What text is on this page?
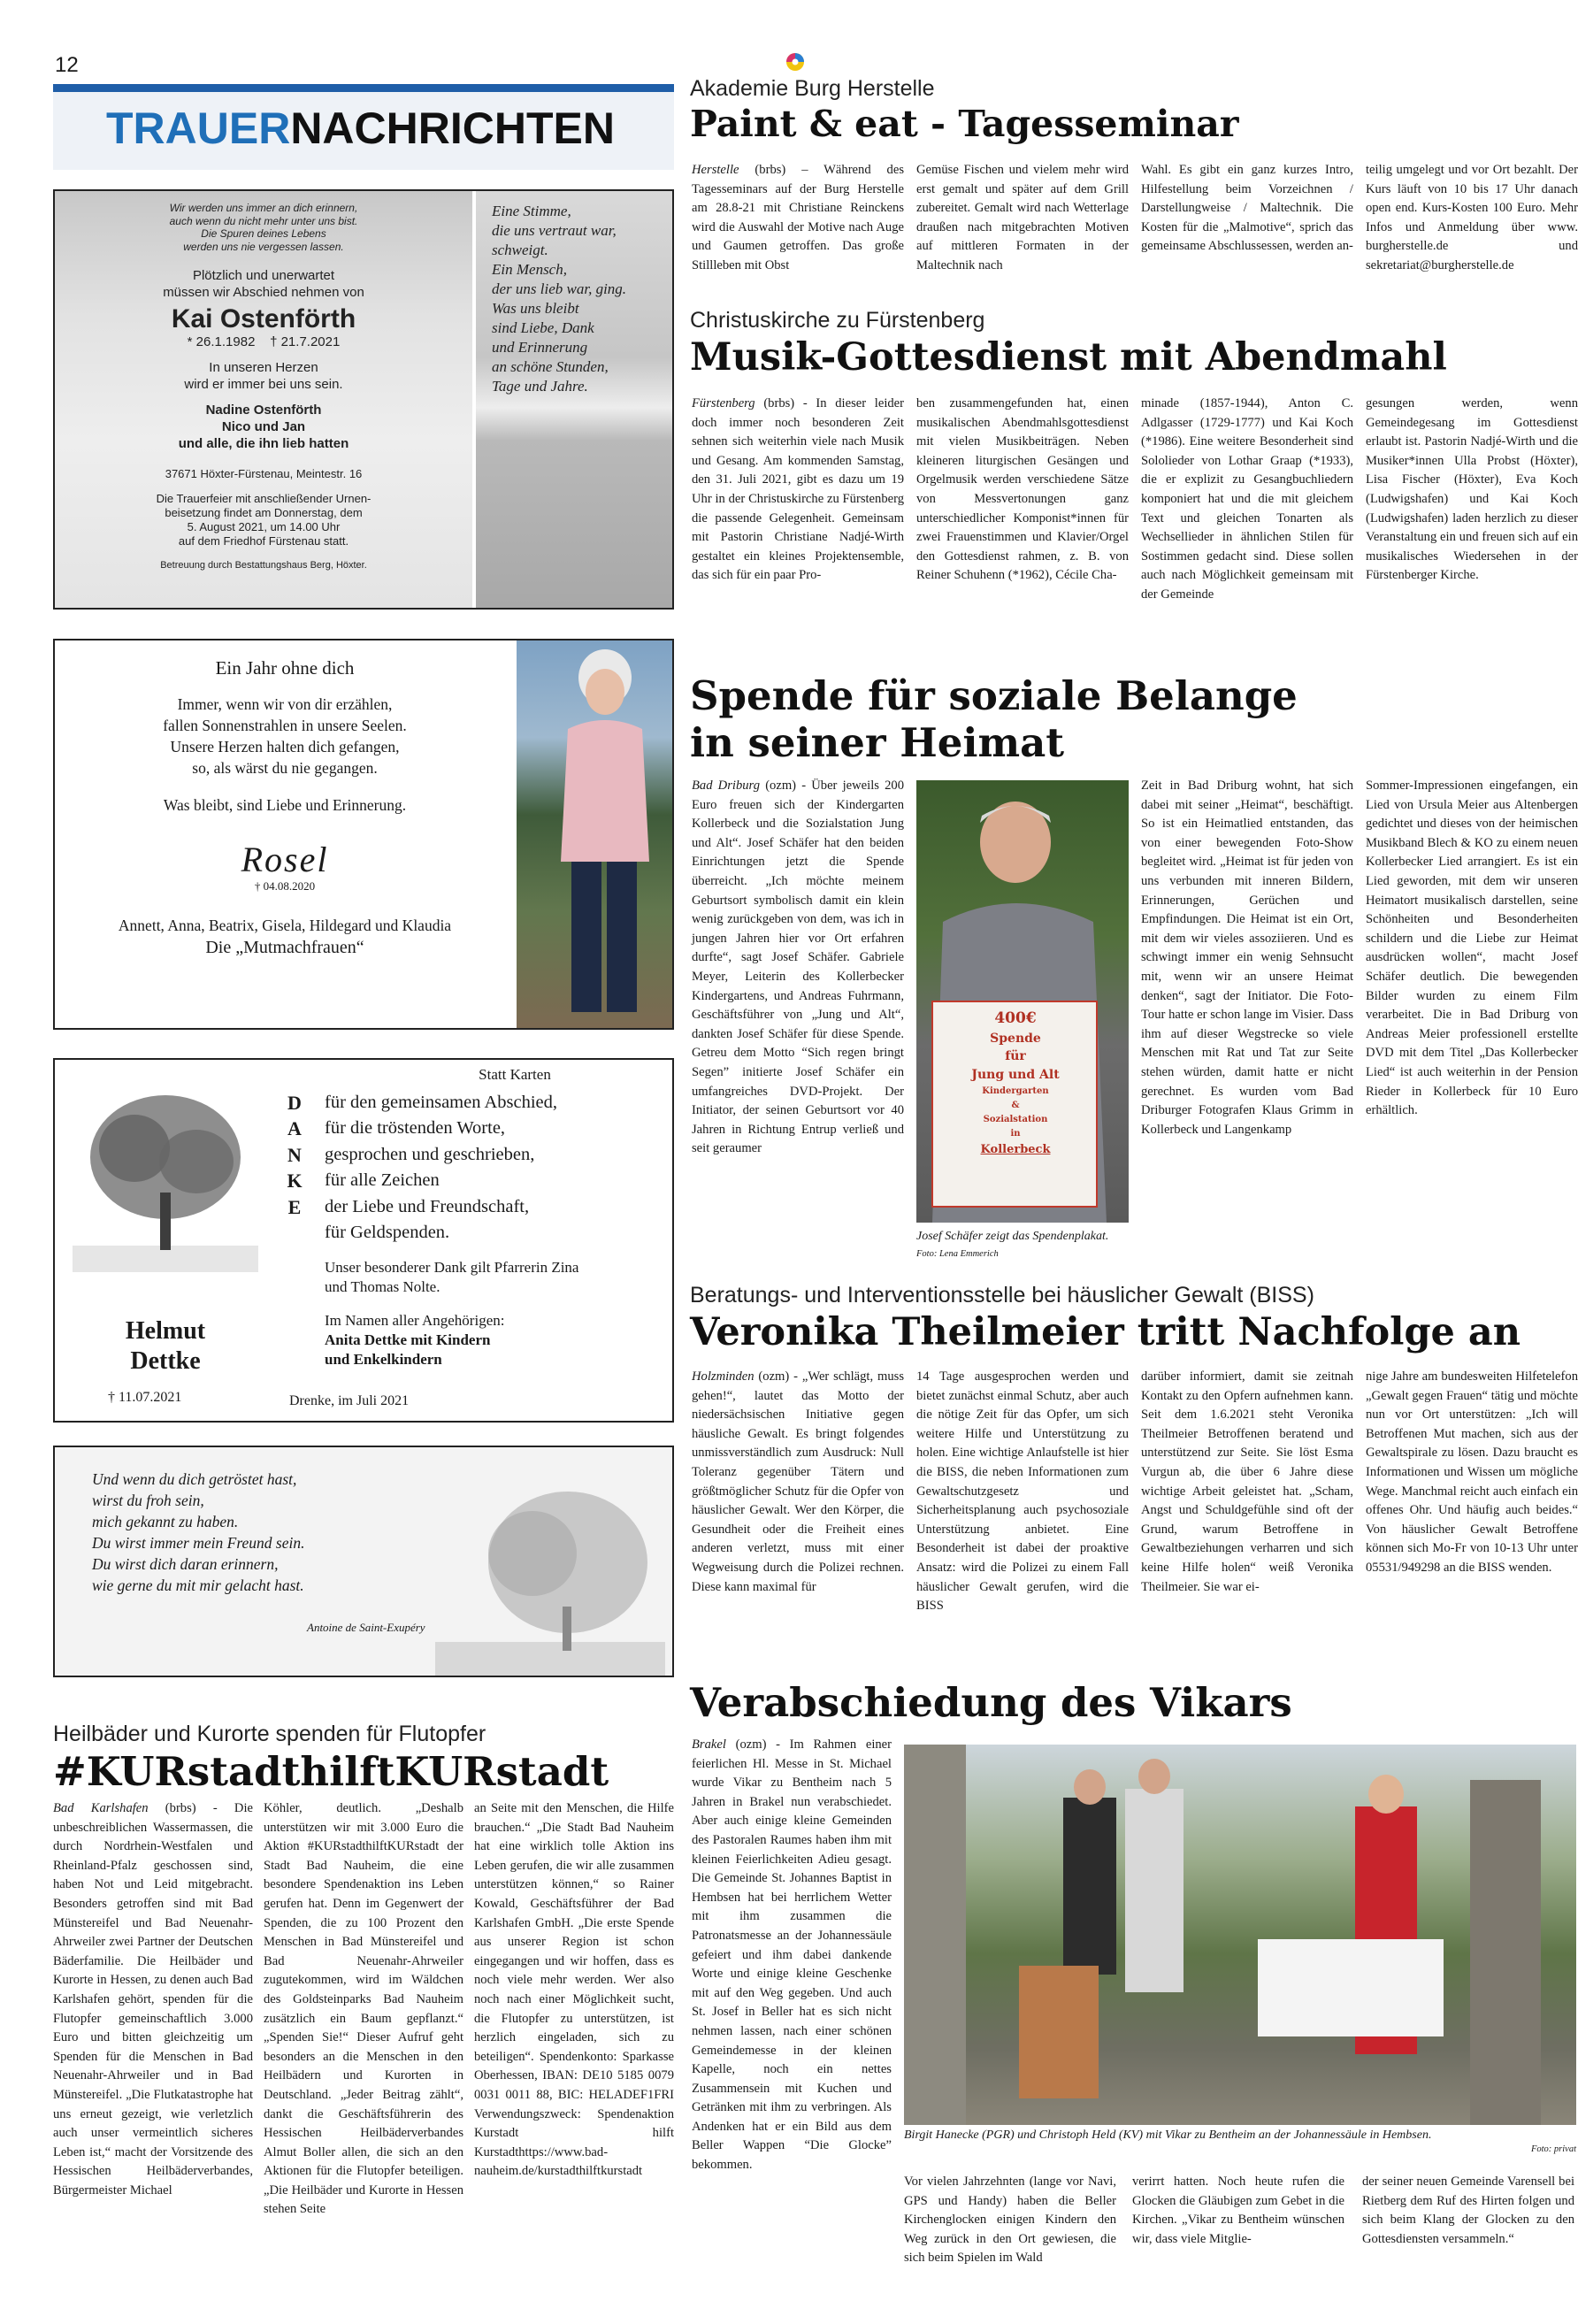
12
TRAUERNACHRICHTEN
Wir werden uns immer an dich erinnern,
auch wenn du nicht mehr unter uns bist.
Die Spuren deines Lebens
werden uns nie vergessen lassen.
Plötzlich und unerwartet
müssen wir Abschied nehmen von
Kai Ostenförth
* 26.1.1982    † 21.7.2021
In unseren Herzen
wird er immer bei uns sein.
Nadine Ostenförth
Nico und Jan
und alle, die ihn lieb hatten
37671 Höxter-Fürstenau, Meintestr. 16
Die Trauerfeier mit anschließender Urnen-
beisetzung findet am Donnerstag, dem
5. August 2021, um 14.00 Uhr
auf dem Friedhof Fürstenau statt.
Betreuung durch Bestattungshaus Berg, Höxter.
Eine Stimme,
die uns vertraut war,
schweigt.
Ein Mensch,
der uns lieb war, ging.
Was uns bleibt
sind Liebe, Dank
und Erinnerung
an schöne Stunden,
Tage und Jahre.
Ein Jahr ohne dich
Immer, wenn wir von dir erzählen,
fallen Sonnenstrahlen in unsere Seelen.
Unsere Herzen halten dich gefangen,
so, als wärst du nie gegangen.
Was bleibt, sind Liebe und Erinnerung.
Rosel
† 04.08.2020
Annett, Anna, Beatrix, Gisela, Hildegard und Klaudia
Die „Mutmachfrauen“
Statt Karten
D
A
N
K
E
für den gemeinsamen Abschied,
für die tröstenden Worte,
gesprochen und geschrieben,
für alle Zeichen
der Liebe und Freundschaft,
für Geldspenden.
Unser besonderer Dank gilt Pfarrerin Zina
und Thomas Nolte.
Im Namen aller Angehörigen:
Anita Dettke mit Kindern
und Enkelkindern
Drenke, im Juli 2021
Helmut
Dettke
† 11.07.2021
Und wenn du dich getröstet hast,
wirst du froh sein,
mich gekannt zu haben.
Du wirst immer mein Freund sein.
Du wirst dich daran erinnern,
wie gerne du mit mir gelacht hast.
Antoine de Saint-Exupéry
Akademie Burg Herstelle
Paint & eat - Tagesseminar

Herstelle (brbs) – Während des Tagesseminars auf der Burg Herstelle am 28.8-21 mit Christiane Reinckens wird die Auswahl der Motive nach Auge und Gaumen getroffen. Das große Stillleben mit Obst

Gemüse Fischen und vielem mehr wird erst gemalt und später auf dem Grill zubereitet. Gemalt wird nach Wetterlage draußen nach mitgebrachten Motiven auf mittleren Formaten in der Maltechnik nach

Wahl. Es gibt ein ganz kurzes Intro, Hilfestellung beim Vorzeichnen / Darstellungweise / Maltechnik. Die Kosten für die „Malmotive“, sprich das gemeinsame Abschlussessen, werden an-

teilig umgelegt und vor Ort bezahlt. Der Kurs läuft von 10 bis 17 Uhr danach open end. Kurs-Kosten 100 Euro. Mehr Infos und Anmeldung über www. burgherstelle.de und sekretariat@burgherstelle.de

Christuskirche zu Fürstenberg
Musik-Gottesdienst mit Abendmahl

Fürstenberg (brbs) - In dieser leider doch immer noch besonderen Zeit sehnen sich weiterhin viele nach Musik und Gesang. Am kommenden Samstag, den 31. Juli 2021, gibt es dazu um 19 Uhr in der Christuskirche zu Fürstenberg die passende Gelegenheit. Gemeinsam mit Pastorin Christiane Nadjé-Wirth gestaltet ein kleines Projektensemble, das sich für ein paar Pro-

ben zusammengefunden hat, einen musikalischen Abendmahlsgottesdienst mit vielen Musikbeiträgen. Neben kleineren liturgischen Gesängen und Orgelmusik werden verschiedene Sätze von Messvertonungen ganz unterschiedlicher Komponist*innen für zwei Frauenstimmen und Klavier/Orgel den Gottesdienst rahmen, z. B. von Reiner Schuhenn (*1962), Cécile Cha-

minade (1857-1944), Anton C. Adlgasser (1729-1777) und Kai Koch (*1986). Eine weitere Besonderheit sind Sololieder von Lothar Graap (*1933), die er explizit zu Gesangbuchliedern komponiert hat und die mit gleichem Text und gleichen Tonarten als Wechsellieder in ähnlichen Stilen für Sostimmen gedacht sind. Diese sollen auch nach Möglichkeit gemeinsam mit der Gemeinde

gesungen werden, wenn Gemeindegesang im Gottesdienst erlaubt ist. Pastorin Nadjé-Wirth und die Musiker*innen Ulla Probst (Höxter), Lisa Fischer (Höxter), Eva Koch (Ludwigshafen) und Kai Koch (Ludwigshafen) laden herzlich zu dieser Veranstaltung ein und freuen sich auf ein musikalisches Wiedersehen in der Fürstenberger Kirche.

Spende für soziale Belange
in seiner Heimat

Bad Driburg (ozm) - Über jeweils 200 Euro freuen sich der Kindergarten Kollerbeck und die Sozialstation Jung und Alt“. Josef Schäfer hat den beiden Einrichtungen jetzt die Spende überreicht. „Ich möchte meinem Geburtsort symbolisch damit ein klein wenig zurückgeben von dem, was ich in jungen Jahren hier vor Ort erfahren durfte“, sagt Josef Schäfer. Gabriele Meyer, Leiterin des Kollerbecker Kindergartens, und Andreas Fuhrmann, Geschäftsführer von „Jung und Alt“, dankten Josef Schäfer für diese Spende. Getreu dem Motto “Sich regen bringt Segen” initierte Josef Schäfer ein umfangreiches DVD-Projekt. Der Initiator, der seinen Geburtsort vor 40 Jahren in Richtung Entrup verließ und seit geraumer

400€
Spende
für
Jung und Alt
Kindergarten
&
Sozialstation
in
Kollerbeck
Josef Schäfer zeigt das Spendenplakat. Foto: Lena Emmerich

Zeit in Bad Driburg wohnt, hat sich dabei mit seiner „Heimat“, beschäftigt. So ist ein Heimatlied entstanden, das von einer bewegenden Foto-Show begleitet wird. „Heimat ist für jeden von uns verbunden mit inneren Bildern, Erinnerungen, Gerüchen und Empfindungen. Die Heimat ist ein Ort, mit dem wir vieles assoziieren. Und es schwingt immer ein wenig Sehnsucht mit, wenn wir an unsere Heimat denken“, sagt der Initiator. Die Foto-Tour hatte er schon lange im Visier. Dass ihm auf dieser Wegstrecke so viele Menschen mit Rat und Tat zur Seite stehen würden, damit hatte er nicht gerechnet. Es wurden vom Bad Driburger Fotografen Klaus Grimm in Kollerbeck und Langenkamp

Sommer-Impressionen eingefangen, ein Lied von Ursula Meier aus Altenbergen gedichtet und dieses von der heimischen Musikband Blech & KO zu einem neuen Kollerbecker Lied arrangiert. Es ist ein Lied geworden, mit dem wir unseren Heimatort musikalisch darstellen, seine Schönheiten und Besonderheiten schildern und die Liebe zur Heimat ausdrücken wollen“, macht Josef Schäfer deutlich. Die bewegenden Bilder wurden zu einem Film verarbeitet. Die in Bad Driburg von Andreas Meier professionell erstellte DVD mit dem Titel „Das Kollerbecker Lied“ ist auch weiterhin in der Pension Rieder in Kollerbeck für 10 Euro erhältlich.

Beratungs- und Interventionsstelle bei häuslicher Gewalt (BISS)
Veronika Theilmeier tritt Nachfolge an

Holzminden (ozm) - „Wer schlägt, muss gehen!“, lautet das Motto der niedersächsischen Initiative gegen häusliche Gewalt. Es bringt folgendes unmissverständlich zum Ausdruck: Null Toleranz gegenüber Tätern und größtmöglicher Schutz für die Opfer von häuslicher Gewalt. Wer den Körper, die Gesundheit oder die Freiheit eines anderen verletzt, muss mit einer Wegweisung durch die Polizei rechnen. Diese kann maximal für

14 Tage ausgesprochen werden und bietet zunächst einmal Schutz, aber auch die nötige Zeit für das Opfer, um sich weitere Hilfe und Unterstützung zu holen. Eine wichtige Anlaufstelle ist hier die BISS, die neben Informationen zum Gewaltschutzgesetz und Sicherheitsplanung auch psychosoziale Unterstützung anbietet. Eine Besonderheit ist dabei der proaktive Ansatz: wird die Polizei zu einem Fall häuslicher Gewalt gerufen, wird die BISS

darüber informiert, damit sie zeitnah Kontakt zu den Opfern aufnehmen kann. Seit dem 1.6.2021 steht Veronika Theilmeier Betroffenen beratend und unterstützend zur Seite. Sie löst Esma Vurgun ab, die über 6 Jahre diese wichtige Arbeit geleistet hat. „Scham, Angst und Schuldgefühle sind oft der Grund, warum Betroffene in Gewaltbeziehungen verharren und sich keine Hilfe holen“ weiß Veronika Theilmeier. Sie war ei-

nige Jahre am bundesweiten Hilfetelefon „Gewalt gegen Frauen“ tätig und möchte nun vor Ort unterstützen: „Ich will Betroffenen Mut machen, sich aus der Gewaltspirale zu lösen. Dazu braucht es Informationen und Wissen um mögliche Wege. Manchmal reicht auch einfach ein offenes Ohr. Und häufig auch beides.“ Von häuslicher Gewalt Betroffene können sich Mo-Fr von 10-13 Uhr unter 05531/949298 an die BISS wenden.

Heilbäder und Kurorte spenden für Flutopfer
#KURstadthilftKURstadt

Bad Karlshafen (brbs) - Die unbeschreiblichen Wassermassen, die durch Nordrhein-Westfalen und Rheinland-Pfalz geschossen sind, haben Not und Leid mitgebracht. Besonders getroffen sind mit Bad Münstereifel und Bad Neuenahr-Ahrweiler zwei Partner der Deutschen Bäderfamilie. Die Heilbäder und Kurorte in Hessen, zu denen auch Bad Karlshafen gehört, spenden für die Flutopfer gemeinschaftlich 3.000 Euro und bitten gleichzeitig um Spenden für die Menschen in Bad Neuenahr-Ahrweiler und in Bad Münstereifel. „Die Flutkatastrophe hat uns erneut gezeigt, wie verletzlich auch unser vermeintlich sicheres Leben ist,“ macht der Vorsitzende des Hessischen Heilbäderverbandes, Bürgermeister Michael

Köhler, deutlich. „Deshalb unterstützen wir mit 3.000 Euro die Aktion #KURstadthilftKURstadt der Stadt Bad Nauheim, die eine besondere Spendenaktion ins Leben gerufen hat. Denn im Gegenwert der Spenden, die zu 100 Prozent den Menschen in Bad Münstereifel und Bad Neuenahr-Ahrweiler zugutekommen, wird im Wäldchen des Goldsteinparks Bad Nauheim zusätzlich ein Baum gepflanzt.“ „Spenden Sie!“ Dieser Aufruf geht besonders an die Menschen in den Heilbädern und Kurorten in Deutschland. „Jeder Beitrag zählt“, dankt die Geschäftsführerin des Hessischen Heilbäderverbandes Almut Boller allen, die sich an den Aktionen für die Flutopfer beteiligen. „Die Heilbäder und Kurorte in Hessen stehen Seite

an Seite mit den Menschen, die Hilfe brauchen.“ „Die Stadt Bad Nauheim hat eine wirklich tolle Aktion ins Leben gerufen, die wir alle zusammen unterstützen können,“ so Rainer Kowald, Geschäftsführer der Bad Karlshafen GmbH. „Die erste Spende aus unserer Region ist schon eingegangen und wir hoffen, dass es noch viele mehr werden. Wer also noch nach einer Möglichkeit sucht, die Flutopfer zu unterstützen, ist herzlich eingeladen, sich zu beteiligen“. Spendenkonto: Sparkasse Oberhessen, IBAN: DE10 5185 0079 0031 0011 88, BIC: HELADEF1FRI Verwendungszweck: Spendenaktion Kurstadt hilft Kurstadthttps://www.bad-nauheim.de/kurstadthilftkurstadt

Verabschiedung des Vikars

Brakel (ozm) - Im Rahmen einer feierlichen Hl. Messe in St. Michael wurde Vikar zu Bentheim nach 5 Jahren in Brakel nun verabschiedet. Aber auch einige kleine Gemeinden des Pastoralen Raumes haben ihm mit kleinen Feierlichkeiten Adieu gesagt. Die Gemeinde St. Johannes Baptist in Hembsen hat bei herrlichem Wetter mit ihm zusammen die Patronatsmesse an der Johannessäule gefeiert und ihm dabei dankende Worte und einige kleine Geschenke mit auf den Weg gegeben. Und auch St. Josef in Beller hat es sich nicht nehmen lassen, nach einer schönen Gemeindemesse in der kleinen Kapelle, noch ein nettes Zusammensein mit Kuchen und Getränken mit ihm zu verbringen. Als Andenken hat er ein Bild aus dem Beller Wappen “Die Glocke” bekommen.

Birgit Hanecke (PGR) und Christoph Held (KV) mit Vikar zu Bentheim an der Johannessäule in Hembsen.
Foto: privat

Vor vielen Jahrzehnten (lange vor Navi, GPS und Handy) haben die Beller Kirchenglocken einigen Kindern den Weg zurück in den Ort gewiesen, die sich beim Spielen im Wald

verirrt hatten. Noch heute rufen die Glocken die Gläubigen zum Gebet in die Kirchen. „Vikar zu Bentheim wünschen wir, dass viele Mitglie-

der seiner neuen Gemeinde Varensell bei Rietberg dem Ruf des Hirten folgen und sich beim Klang der Glocken zu den Gottesdiensten versammeln.“
